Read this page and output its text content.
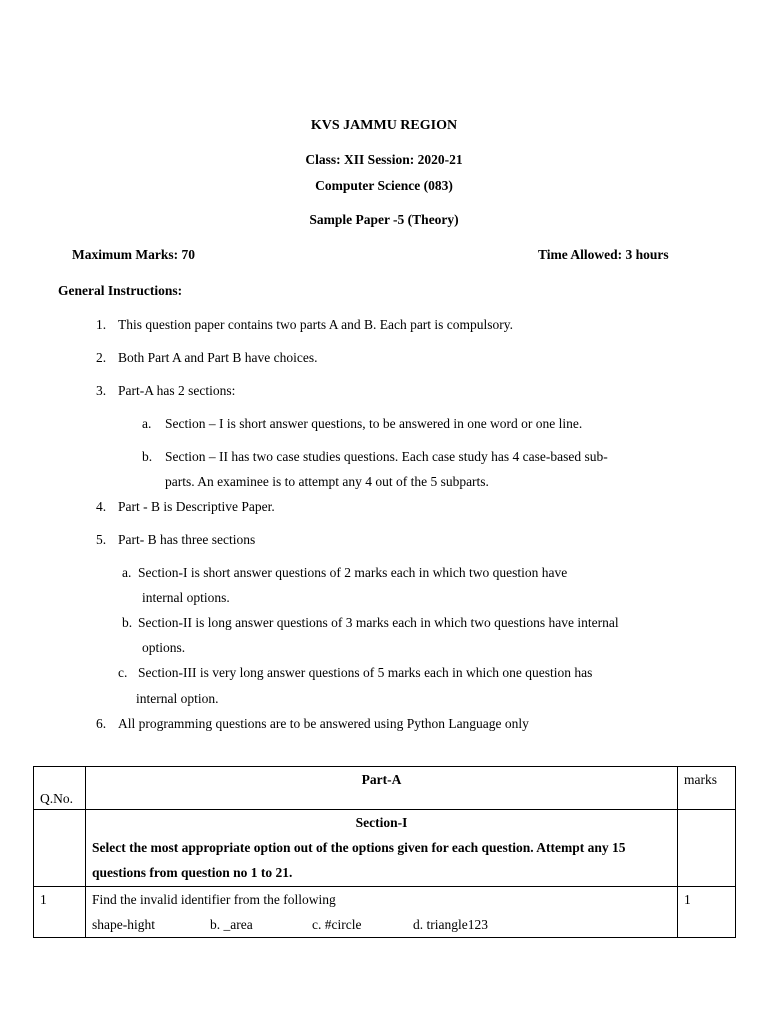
KVS JAMMU REGION
Class: XII Session: 2020-21
Computer Science (083)
Sample Paper -5 (Theory)
Maximum Marks: 70	Time Allowed: 3 hours
General Instructions:
1. This question paper contains two parts A and B. Each part is compulsory.
2. Both Part A and Part B have choices.
3. Part-A has 2 sections:
a. Section – I is short answer questions, to be answered in one word or one line.
b. Section – II has two case studies questions. Each case study has 4 case-based sub-
parts. An examinee is to attempt any 4 out of the 5 subparts.
4. Part - B is Descriptive Paper.
5. Part- B has three sections
a. Section-I is short answer questions of 2 marks each in which two question have
internal options.
b. Section-II is long answer questions of 3 marks each in which two questions have internal
options.
c. Section-III is very long answer questions of 5 marks each in which one question has
internal option.
6. All programming questions are to be answered using Python Language only
Q.No.	Part-A	marks

	Section-I
Select the most appropriate option out of the options given for each question. Attempt any 15 questions from question no 1 to 21.	

1	Find the invalid identifier from the following
shape-hight b. _area c. #circle d. triangle123	1
